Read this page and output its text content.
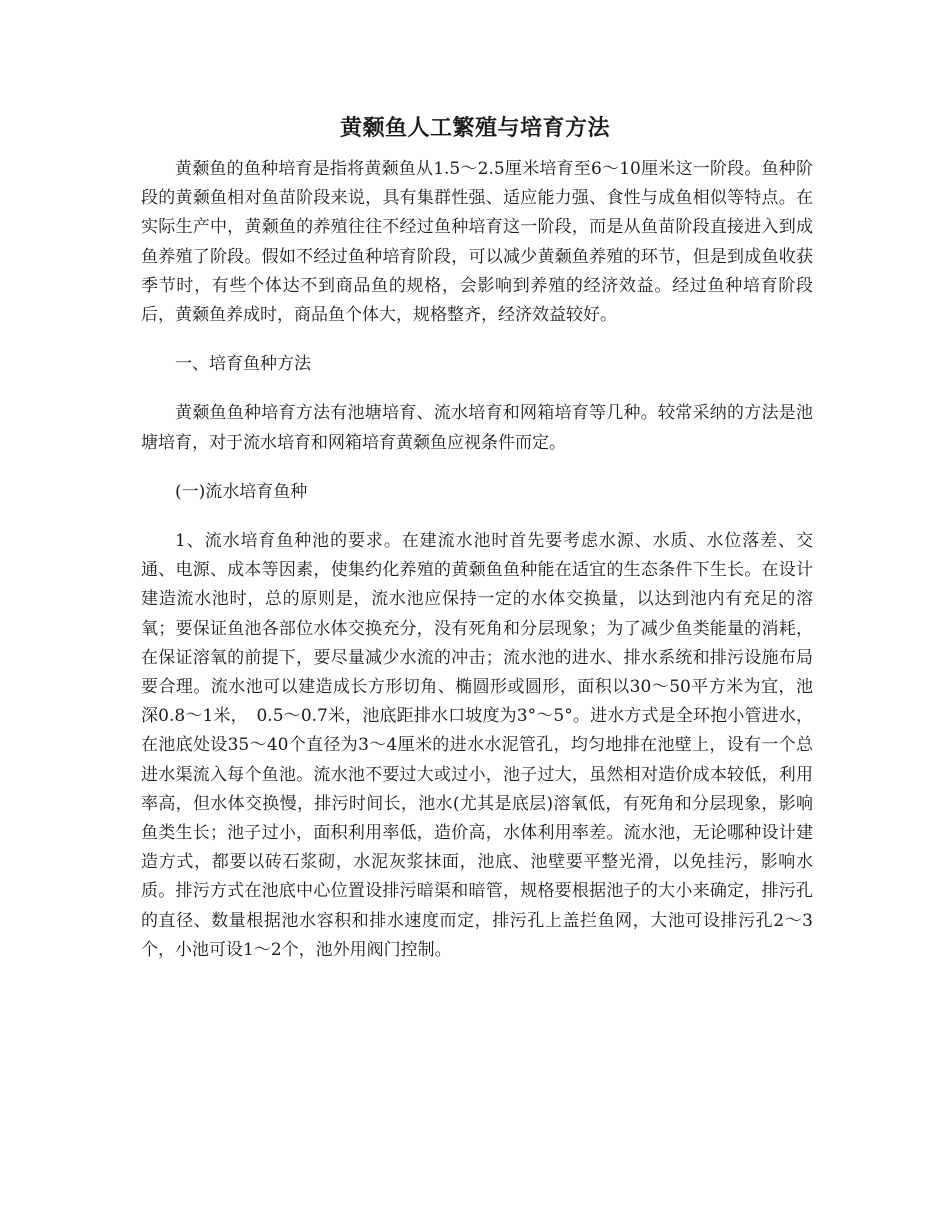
黄颡鱼人工繁殖与培育方法

黄颡鱼的鱼种培育是指将黄颡鱼从1.5～2.5厘米培育至6～10厘米这一阶段。鱼种阶段的黄颡鱼相对鱼苗阶段来说，具有集群性强、适应能力强、食性与成鱼相似等特点。在实际生产中，黄颡鱼的养殖往往不经过鱼种培育这一阶段，而是从鱼苗阶段直接进入到成鱼养殖了阶段。假如不经过鱼种培育阶段，可以减少黄颡鱼养殖的环节，但是到成鱼收获季节时，有些个体达不到商品鱼的规格，会影响到养殖的经济效益。经过鱼种培育阶段后，黄颡鱼养成时，商品鱼个体大，规格整齐，经济效益较好。

一、培育鱼种方法

黄颡鱼鱼种培育方法有池塘培育、流水培育和网箱培育等几种。较常采纳的方法是池塘培育，对于流水培育和网箱培育黄颡鱼应视条件而定。

(一)流水培育鱼种

1、流水培育鱼种池的要求。在建流水池时首先要考虑水源、水质、水位落差、交通、电源、成本等因素，使集约化养殖的黄颡鱼鱼种能在适宜的生态条件下生长。在设计建造流水池时，总的原则是，流水池应保持一定的水体交换量，以达到池内有充足的溶氧；要保证鱼池各部位水体交换充分，没有死角和分层现象；为了减少鱼类能量的消耗，在保证溶氧的前提下，要尽量减少水流的冲击；流水池的进水、排水系统和排污设施布局要合理。流水池可以建造成长方形切角、椭圆形或圆形，面积以30～50平方米为宜，池深0.8～1米，　0.5～0.7米，池底距排水口坡度为3°～5°。进水方式是全环抱小管进水，在池底处设35～40个直径为3～4厘米的进水水泥管孔，均匀地排在池壁上，设有一个总进水渠流入每个鱼池。流水池不要过大或过小，池子过大，虽然相对造价成本较低，利用率高，但水体交换慢，排污时间长，池水(尤其是底层)溶氧低，有死角和分层现象，影响鱼类生长；池子过小，面积利用率低，造价高，水体利用率差。流水池，无论哪种设计建造方式，都要以砖石浆砌，水泥灰浆抹面，池底、池壁要平整光滑，以免挂污，影响水质。排污方式在池底中心位置设排污暗渠和暗管，规格要根据池子的大小来确定，排污孔的直径、数量根据池水容积和排水速度而定，排污孔上盖拦鱼网，大池可设排污孔2～3个，小池可设1～2个，池外用阀门控制。
